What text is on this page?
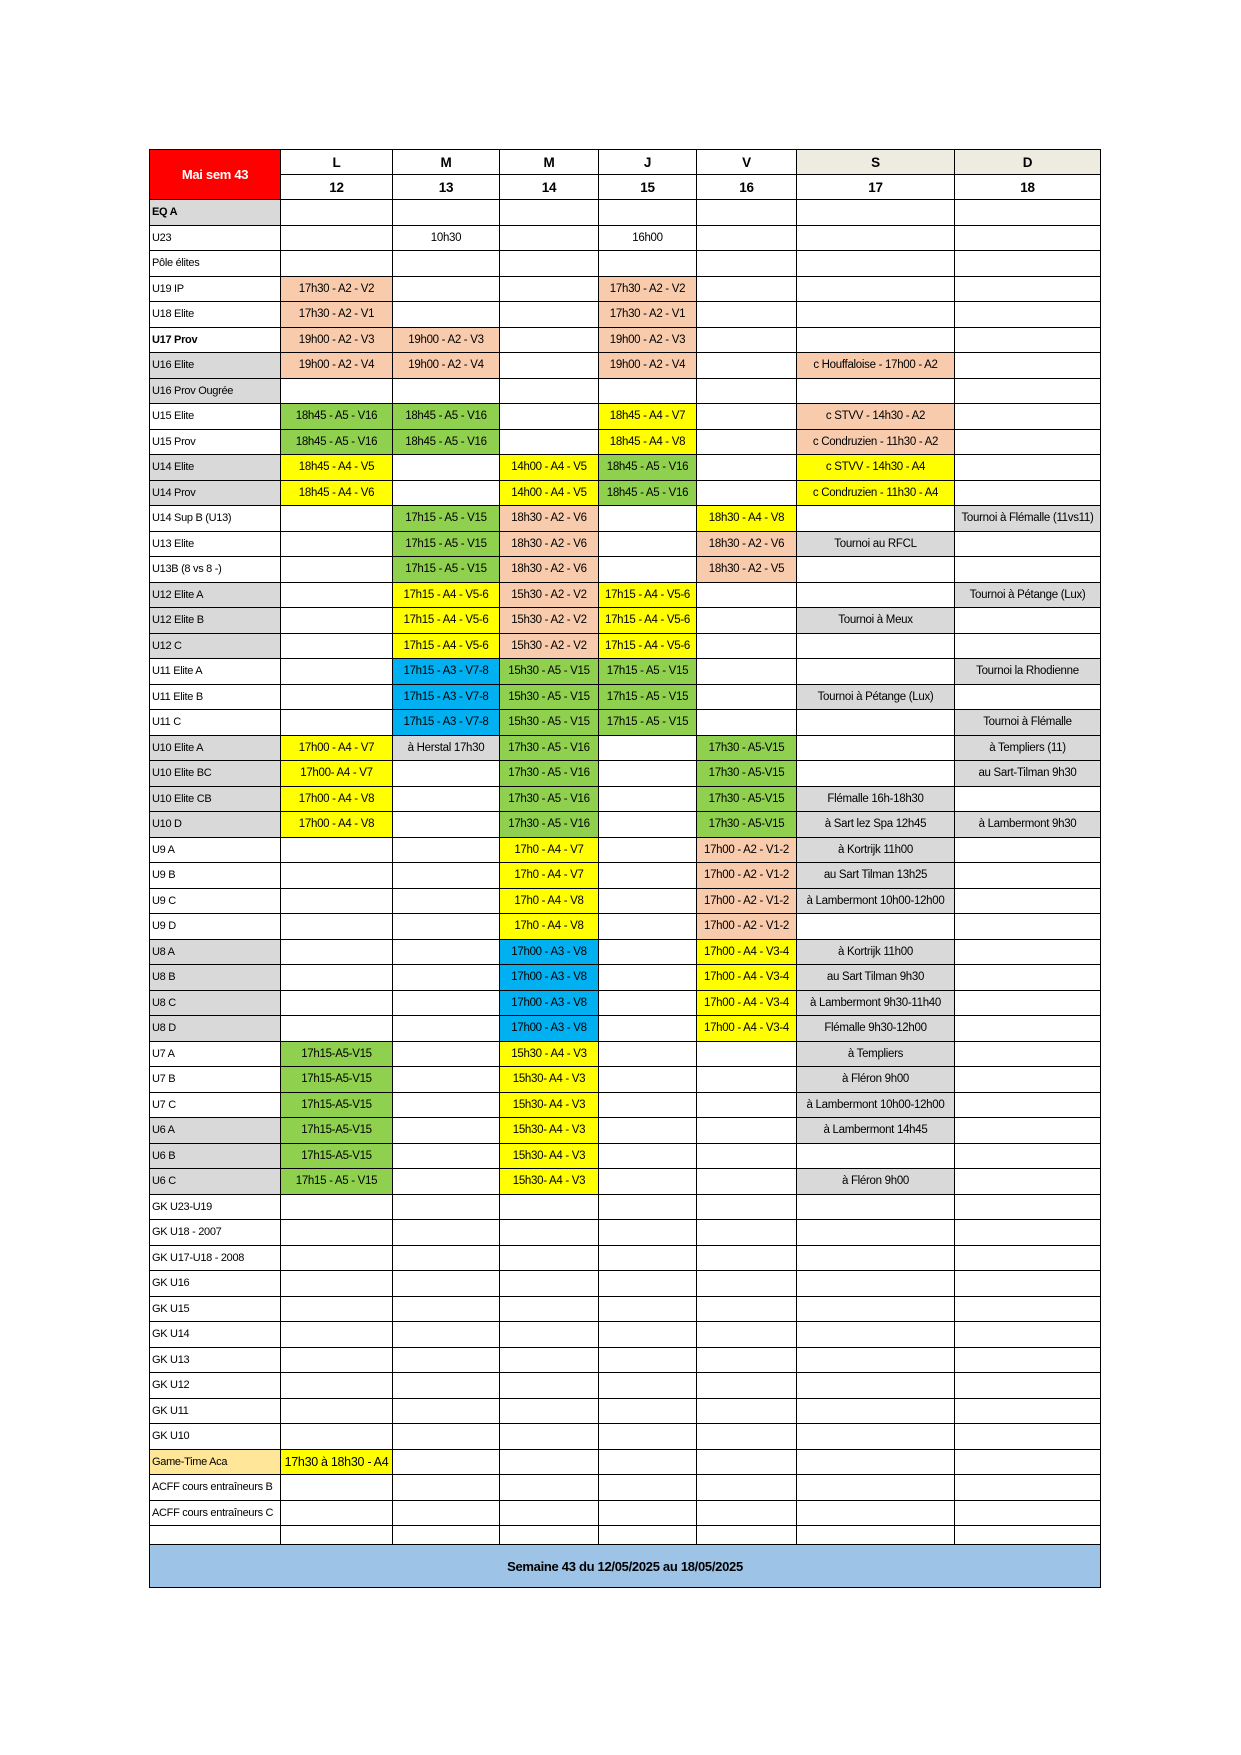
Mai sem 43	L	M	M	J	V	S	D
	12	13	14	15	16	17	18
EQ A							
U23		10h30		16h00			
Pôle élites							
U19 IP	17h30 - A2 - V2			17h30 - A2 - V2			
U18 Elite	17h30 - A2 - V1			17h30 - A2 - V1			
U17 Prov	19h00 - A2 - V3	19h00 - A2 - V3		19h00 - A2 - V3			
U16 Elite	19h00 - A2 - V4	19h00 - A2 - V4		19h00 - A2 - V4		c Houffaloise - 17h00 - A2	
U16 Prov Ougrée							
U15 Elite	18h45 - A5 - V16	18h45 - A5 - V16		18h45 - A4 - V7		c STVV - 14h30 - A2	
U15 Prov	18h45 - A5 - V16	18h45 - A5 - V16		18h45 - A4 - V8		c Condruzien - 11h30 - A2	
U14 Elite	18h45 - A4 - V5		14h00 - A4 - V5	18h45 - A5 - V16		c STVV - 14h30 - A4	
U14 Prov	18h45 - A4 - V6		14h00 - A4 - V5	18h45 - A5 - V16		c Condruzien - 11h30 - A4	
U14 Sup B (U13)		17h15 - A5 - V15	18h30 - A2 - V6		18h30 - A4 - V8		Tournoi à Flémalle (11vs11)
U13 Elite		17h15 - A5 - V15	18h30 - A2 - V6		18h30 - A2 - V6	Tournoi au RFCL	
U13B (8 vs 8 -)		17h15 - A5 - V15	18h30 - A2 - V6		18h30 - A2 - V5		
U12 Elite A		17h15 - A4 - V5-6	15h30 - A2 - V2	17h15 - A4 - V5-6			Tournoi à Pétange (Lux)
U12 Elite B		17h15 - A4 - V5-6	15h30 - A2 - V2	17h15 - A4 - V5-6		Tournoi à Meux	
U12 C		17h15 - A4 - V5-6	15h30 - A2 - V2	17h15 - A4 - V5-6			
U11 Elite A		17h15 - A3 - V7-8	15h30 - A5 - V15	17h15 - A5 - V15			Tournoi la Rhodienne
U11 Elite B		17h15 - A3 - V7-8	15h30 - A5 - V15	17h15 - A5 - V15		Tournoi à Pétange (Lux)	
U11 C		17h15 - A3 - V7-8	15h30 - A5 - V15	17h15 - A5 - V15			Tournoi à Flémalle
U10 Elite A	17h00 - A4 - V7	à Herstal 17h30	17h30 - A5 - V16		17h30 - A5-V15		à Templiers (11)
U10 Elite BC	17h00- A4 - V7		17h30 - A5 - V16		17h30 - A5-V15		au Sart-Tilman 9h30
U10 Elite CB	17h00 - A4 - V8		17h30 - A5 - V16		17h30 - A5-V15	Flémalle 16h-18h30	
U10 D	17h00 - A4 - V8		17h30 - A5 - V16		17h30 - A5-V15	à Sart lez Spa 12h45	à Lambermont 9h30
U9 A			17h0 - A4 - V7		17h00 - A2 - V1-2	à Kortrijk 11h00	
U9 B			17h0 - A4 - V7		17h00 - A2 - V1-2	au Sart Tilman 13h25	
U9 C			17h0 - A4 - V8		17h00 - A2 - V1-2	à Lambermont 10h00-12h00	
U9 D			17h0 - A4 - V8		17h00 - A2 - V1-2		
U8 A			17h00 - A3 - V8		17h00 - A4 - V3-4	à Kortrijk 11h00	
U8 B			17h00 - A3 - V8		17h00 - A4 - V3-4	au Sart Tilman 9h30	
U8 C			17h00 - A3 - V8		17h00 - A4 - V3-4	à Lambermont 9h30-11h40	
U8 D			17h00 - A3 - V8		17h00 - A4 - V3-4	Flémalle 9h30-12h00	
U7 A	17h15-A5-V15		15h30 - A4 - V3			à Templiers	
U7 B	17h15-A5-V15		15h30- A4 - V3			à Fléron 9h00	
U7 C	17h15-A5-V15		15h30- A4 - V3			à Lambermont 10h00-12h00	
U6 A	17h15-A5-V15		15h30- A4 - V3			à Lambermont 14h45	
U6 B	17h15-A5-V15		15h30- A4 - V3				
U6 C	17h15 - A5 - V15		15h30- A4 - V3			à Fléron 9h00	
GK U23-U19							
GK U18 - 2007							
GK U17-U18 - 2008							
GK U16							
GK U15							
GK U14							
GK U13							
GK U12							
GK U11							
GK U10							
Game-Time Aca	17h30 à 18h30 - A4						
ACFF cours entraîneurs B							
ACFF cours entraîneurs C							

Semaine 43 du 12/05/2025 au 18/05/2025							
